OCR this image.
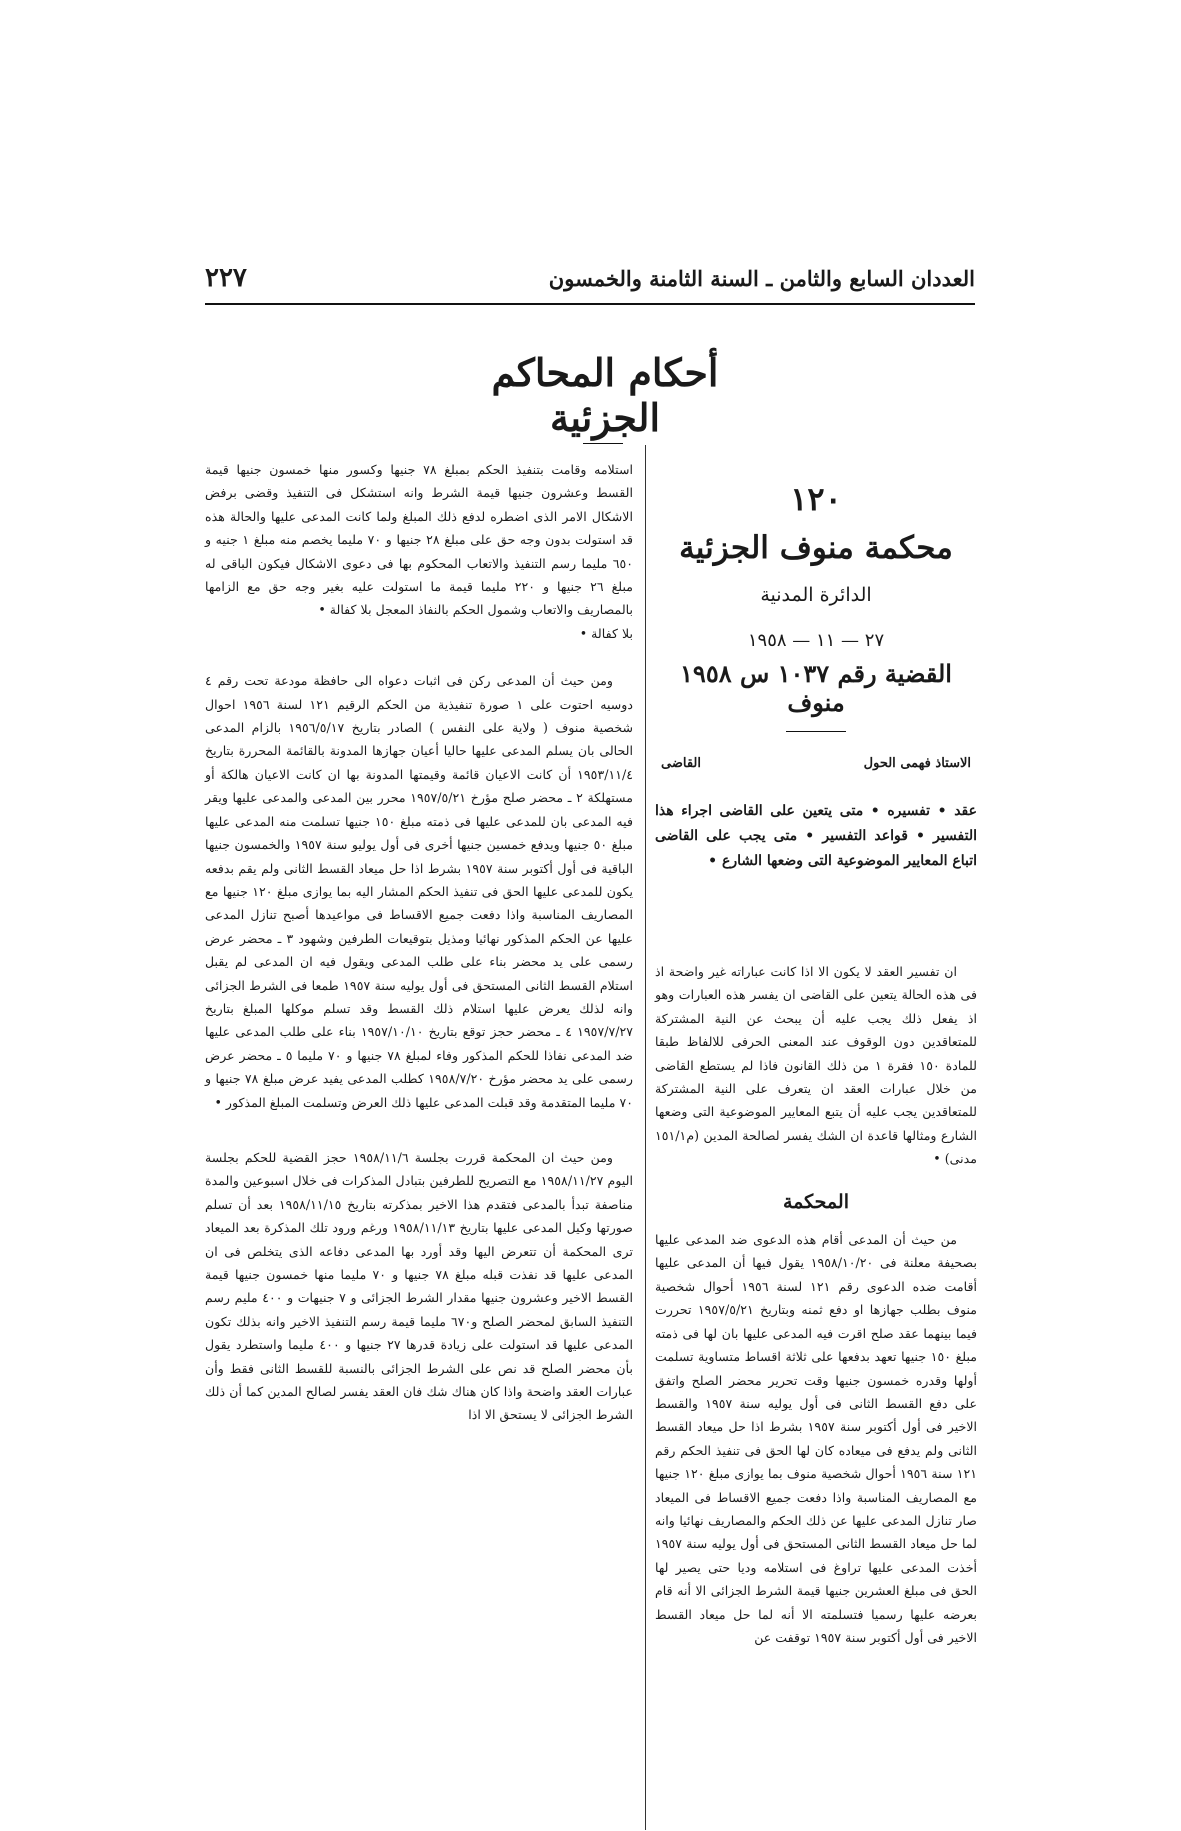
العددان السابع والثامن ـ السنة الثامنة والخمسون
٢٢٧
أحكام المحاكم الجزئية

١٢٠

محكمة منوف الجزئية

الدائرة المدنية

٢٧ — ١١ — ١٩٥٨

القضية رقم ١٠٣٧ س ١٩٥٨ منوف

الاستاذ فهمى الحول
القاضى
عقد • تفسيره • متى يتعين على القاضى اجراء هذا التفسير • قواعد التفسير • متى يجب على القاضى اتباع المعايير الموضوعية التى وضعها الشارع •

ان تفسير العقد لا يكون الا اذا كانت عباراته غير واضحة اذ فى هذه الحالة يتعين على القاضى ان يفسر هذه العبارات وهو اذ يفعل ذلك يجب عليه أن يبحث عن النية المشتركة للمتعاقدين دون الوقوف عند المعنى الحرفى للالفاظ طبقا للمادة ١٥٠ فقرة ١ من ذلك القانون فاذا لم يستطع القاضى من خلال عبارات العقد ان يتعرف على النية المشتركة للمتعاقدين يجب عليه أن يتبع المعايير الموضوعية التى وضعها الشارع ومثالها قاعدة ان الشك يفسر لصالحة المدين (م١٥١/١ مدنى) •

المحكمة

من حيث أن المدعى أقام هذه الدعوى ضد المدعى عليها بصحيفة معلنة فى ١٩٥٨/١٠/٢٠ يقول فيها أن المدعى عليها أقامت ضده الدعوى رقم ١٢١ لسنة ١٩٥٦ أحوال شخصية منوف بطلب جهازها او دفع ثمنه وبتاريخ ١٩٥٧/٥/٢١ تحررت فيما بينهما عقد صلح اقرت فيه المدعى عليها بان لها فى ذمته مبلغ ١٥٠ جنيها تعهد بدفعها على ثلاثة اقساط متساوية تسلمت أولها وقدره خمسون جنيها وقت تحرير محضر الصلح واتفق على دفع القسط الثانى فى أول يوليه سنة ١٩٥٧ والقسط الاخير فى أول أكتوبر سنة ١٩٥٧ بشرط اذا حل ميعاد القسط الثانى ولم يدفع فى ميعاده كان لها الحق فى تنفيذ الحكم رقم ١٢١ سنة ١٩٥٦ أحوال شخصية منوف بما يوازى مبلغ ١٢٠ جنيها مع المصاريف المناسبة واذا دفعت جميع الاقساط فى الميعاد صار تنازل المدعى عليها عن ذلك الحكم والمصاريف نهائيا وانه لما حل ميعاد القسط الثانى المستحق فى أول يوليه سنة ١٩٥٧ أخذت المدعى عليها تراوغ فى استلامه وديا حتى يصير لها الحق فى مبلغ العشرين جنيها قيمة الشرط الجزائى الا أنه قام بعرضه عليها رسميا فتسلمته الا أنه لما حل ميعاد القسط الاخير فى أول أكتوبر سنة ١٩٥٧ توقفت عن

استلامه وقامت بتنفيذ الحكم بمبلغ ٧٨ جنيها وكسور منها خمسون جنيها قيمة القسط وعشرون جنيها قيمة الشرط وانه استشكل فى التنفيذ وقضى برفض الاشكال الامر الذى اضطره لدفع ذلك المبلغ ولما كانت المدعى عليها والحالة هذه قد استولت بدون وجه حق على مبلغ ٢٨ جنيها و ٧٠ مليما يخصم منه مبلغ ١ جنيه و ٦٥٠ مليما رسم التنفيذ والاتعاب المحكوم بها فى دعوى الاشكال فيكون الباقى له مبلغ ٢٦ جنيها و ٢٢٠ مليما قيمة ما استولت عليه بغير وجه حق مع الزامها بالمصاريف والاتعاب وشمول الحكم بالنفاذ المعجل بلا كفالة •

بلا كفالة •

ومن حيث أن المدعى ركن فى اثبات دعواه الى حافظة مودعة تحت رقم ٤ دوسيه احتوت على ١ صورة تنفيذية من الحكم الرقيم ١٢١ لسنة ١٩٥٦ احوال شخصية منوف ( ولاية على النفس ) الصادر بتاريخ ١٩٥٦/٥/١٧ بالزام المدعى الحالى بان يسلم المدعى عليها حاليا أعيان جهازها المدونة بالقائمة المحررة بتاريخ ١٩٥٣/١١/٤ أن كانت الاعيان قائمة وقيمتها المدونة بها ان كانت الاعيان هالكة أو مستهلكة ٢ ـ محضر صلح مؤرخ ١٩٥٧/٥/٢١ محرر بين المدعى والمدعى عليها ويقر فيه المدعى بان للمدعى عليها فى ذمته مبلغ ١٥٠ جنيها تسلمت منه المدعى عليها مبلغ ٥٠ جنيها ويدفع خمسين جنيها أخرى فى أول يوليو سنة ١٩٥٧ والخمسون جنيها الباقية فى أول أكتوبر سنة ١٩٥٧ بشرط اذا حل ميعاد القسط الثانى ولم يقم بدفعه يكون للمدعى عليها الحق فى تنفيذ الحكم المشار اليه بما يوازى مبلغ ١٢٠ جنيها مع المصاريف المناسبة واذا دفعت جميع الاقساط فى مواعيدها أصبح تنازل المدعى عليها عن الحكم المذكور نهائيا ومذيل بتوقيعات الطرفين وشهود ٣ ـ محضر عرض رسمى على يد محضر بناء على طلب المدعى ويقول فيه ان المدعى لم يقبل استلام القسط الثانى المستحق فى أول يوليه سنة ١٩٥٧ طمعا فى الشرط الجزائى وانه لذلك يعرض عليها استلام ذلك القسط وقد تسلم موكلها المبلغ بتاريخ ١٩٥٧/٧/٢٧ ٤ ـ محضر حجز توقع بتاريخ ١٩٥٧/١٠/١٠ بناء على طلب المدعى عليها ضد المدعى نفاذا للحكم المذكور وفاء لمبلغ ٧٨ جنيها و ٧٠ مليما ٥ ـ محضر عرض رسمى على يد محضر مؤرخ ١٩٥٨/٧/٢٠ كطلب المدعى يفيد عرض مبلغ ٧٨ جنيها و ٧٠ مليما المتقدمة وقد قبلت المدعى عليها ذلك العرض وتسلمت المبلغ المذكور •

ومن حيث ان المحكمة قررت بجلسة ١٩٥٨/١١/٦ حجز القضية للحكم بجلسة اليوم ١٩٥٨/١١/٢٧ مع التصريح للطرفين بتبادل المذكرات فى خلال اسبوعين والمدة مناصفة تبدأ بالمدعى فتقدم هذا الاخير بمذكرته بتاريخ ١٩٥٨/١١/١٥ بعد أن تسلم صورتها وكيل المدعى عليها بتاريخ ١٩٥٨/١١/١٣ ورغم ورود تلك المذكرة بعد الميعاد ترى المحكمة أن تتعرض اليها وقد أورد بها المدعى دفاعه الذى يتخلص فى ان المدعى عليها قد نفذت قبله مبلغ ٧٨ جنيها و ٧٠ مليما منها خمسون جنيها قيمة القسط الاخير وعشرون جنيها مقدار الشرط الجزائى و ٧ جنيهات و ٤٠٠ مليم رسم التنفيذ السابق لمحضر الصلح و٦٧٠ مليما قيمة رسم التنفيذ الاخير وانه بذلك تكون المدعى عليها قد استولت على زيادة قدرها ٢٧ جنيها و ٤٠٠ مليما واستطرد يقول بأن محضر الصلح قد نص على الشرط الجزائى بالنسبة للقسط الثانى فقط وأن عبارات العقد واضحة واذا كان هناك شك فان العقد يفسر لصالح المدين كما أن ذلك الشرط الجزائى لا يستحق الا اذا
